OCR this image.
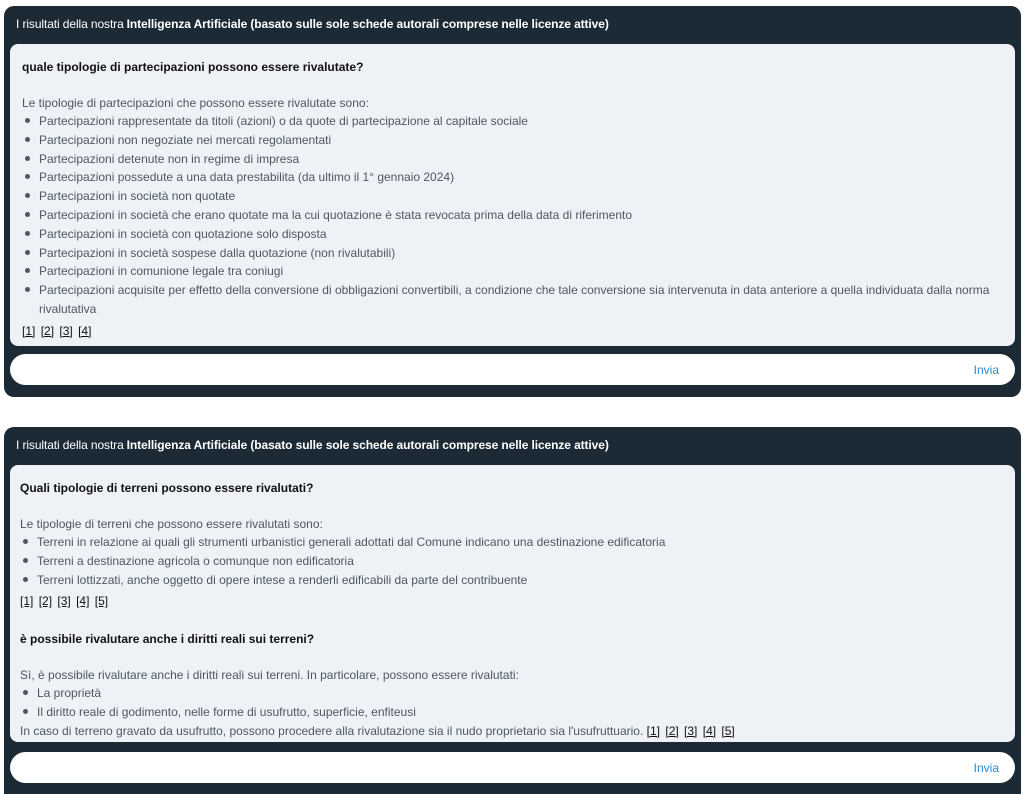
I risultati della nostra Intelligenza Artificiale (basato sulle sole schede autorali comprese nelle licenze attive)
quale tipologie di partecipazioni possono essere rivalutate?
Le tipologie di partecipazioni che possono essere rivalutate sono:
Partecipazioni rappresentate da titoli (azioni) o da quote di partecipazione al capitale sociale
Partecipazioni non negoziate nei mercati regolamentati
Partecipazioni detenute non in regime di impresa
Partecipazioni possedute a una data prestabilita (da ultimo il 1° gennaio 2024)
Partecipazioni in società non quotate
Partecipazioni in società che erano quotate ma la cui quotazione è stata revocata prima della data di riferimento
Partecipazioni in società con quotazione solo disposta
Partecipazioni in società sospese dalla quotazione (non rivalutabili)
Partecipazioni in comunione legale tra coniugi
Partecipazioni acquisite per effetto della conversione di obbligazioni convertibili, a condizione che tale conversione sia intervenuta in data anteriore a quella individuata dalla norma rivalutativa
[1] [2] [3] [4]
Invia
I risultati della nostra Intelligenza Artificiale (basato sulle sole schede autorali comprese nelle licenze attive)
Quali tipologie di terreni possono essere rivalutati?
Le tipologie di terreni che possono essere rivalutati sono:
Terreni in relazione ai quali gli strumenti urbanistici generali adottati dal Comune indicano una destinazione edificatoria
Terreni a destinazione agricola o comunque non edificatoria
Terreni lottizzati, anche oggetto di opere intese a renderli edificabili da parte del contribuente
[1] [2] [3] [4] [5]
è possibile rivalutare anche i diritti reali sui terreni?
Sì, è possibile rivalutare anche i diritti reali sui terreni. In particolare, possono essere rivalutati:
La proprietà
Il diritto reale di godimento, nelle forme di usufrutto, superficie, enfiteusi
In caso di terreno gravato da usufrutto, possono procedere alla rivalutazione sia il nudo proprietario sia l'usufruttuario. [1] [2] [3] [4] [5]
Invia
